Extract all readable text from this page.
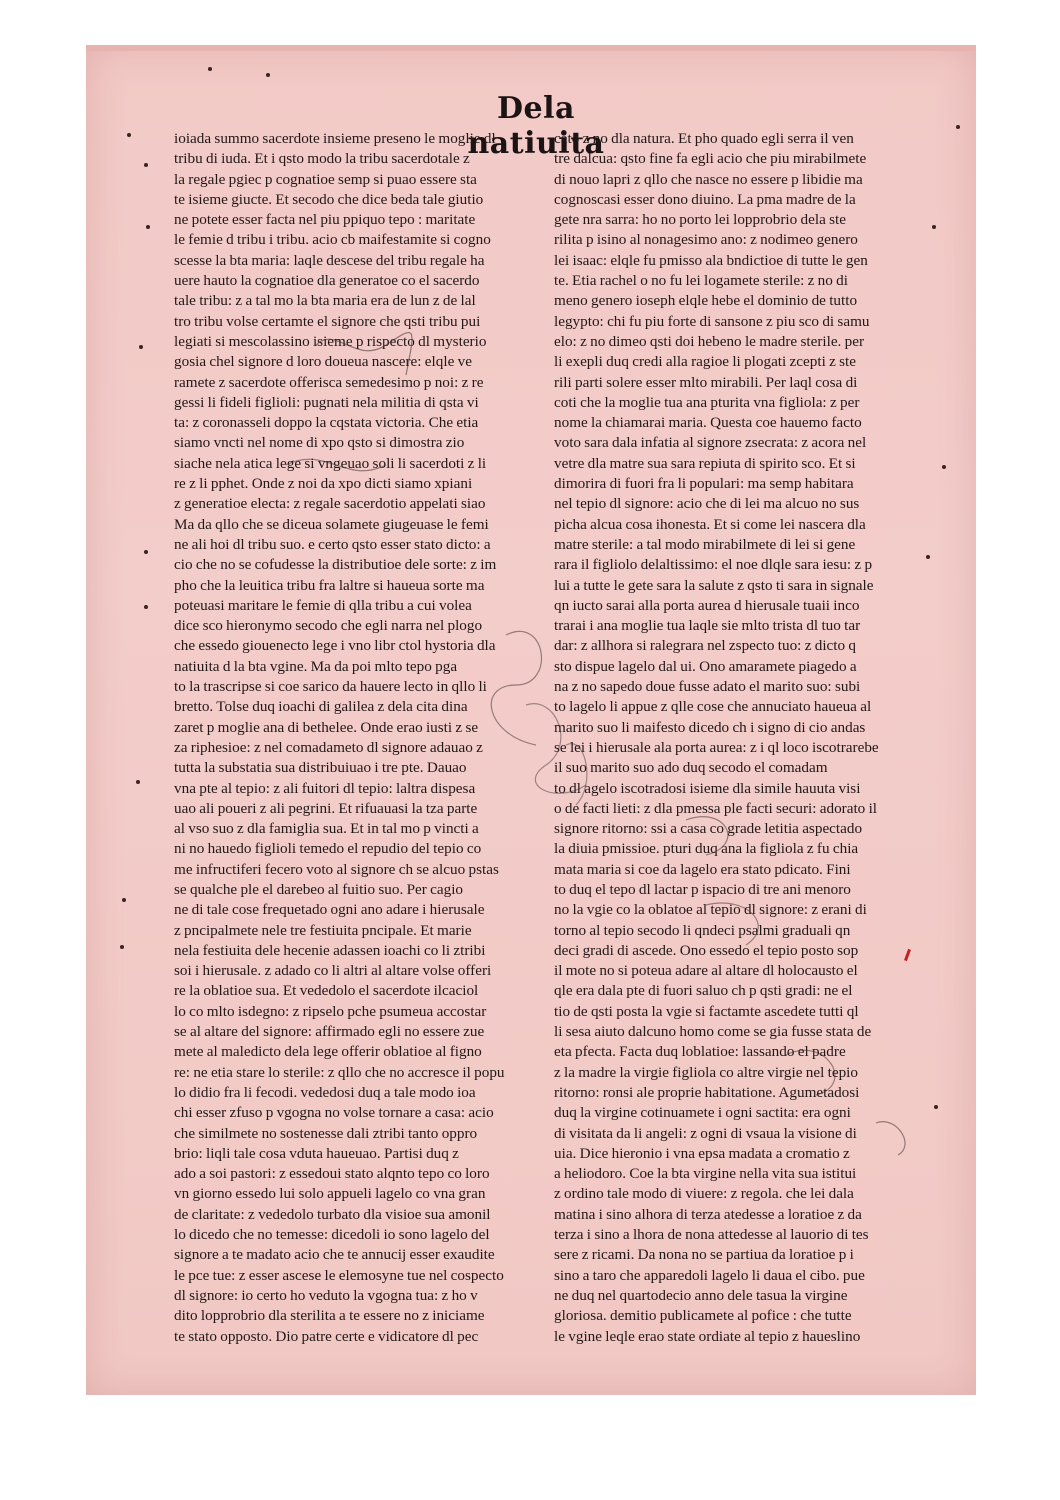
Dela natiuita
ioiada summo sacerdote insieme preseno le moglie dl
tribu di iuda. Et i qsto modo la tribu sacerdotale z
la regale pgiec p cognatioe semp si puao essere sta
te isieme giucte. Et secodo che dice beda tale giutio
ne potete esser facta nel piu ppiquo tepo : maritate
le femie d tribu i tribu. acio cb maifestamite si cogno
scesse la bta maria: laqle descese del tribu regale ha
uere hauto la cognatioe dla generatoe co el sacerdo
tale tribu: z a tal mo la bta maria era de lun z de lal
tro tribu volse certamte el signore che qsti tribu pui
legiati si mescolassino isieme p rispecto dl mysterio
gosia chel signore d loro doueua nascere: elqle ve
ramete z sacerdote offerisca semedesimo p noi: z re
gessi li fideli figlioli: pugnati nela militia di qsta vi
ta: z coronasseli doppo la cqstata victoria. Che etia
siamo vncti nel nome di xpo qsto si dimostra zio
siache nela atica lege si vngeuao soli li sacerdoti z li
re z li pphet. Onde z noi da xpo dicti siamo xpiani
z generatioe electa: z regale sacerdotio appelati siao
Ma da qllo che se diceua solamete giugeuase le femi
ne ali hoi dl tribu suo. e certo qsto esser stato dicto: a
cio che no se cofudesse la distributioe dele sorte: z im
pho che la leuitica tribu fra laltre si haueua sorte ma
poteuasi maritare le femie di qlla tribu a cui volea
dice sco hieronymo secodo che egli narra nel plogo
che essedo giouenecto lege i vno libr ctol hystoria dla
natiuita d la bta vgine. Ma da poi mlto tepo pga
to la trascripse si coe sarico da hauere lecto in qllo li
bretto. Tolse duq ioachi di galilea z dela cita dina
zaret p moglie ana di bethelee. Onde erao iusti z se
za riphesioe: z nel comadameto dl signore adauao z
tutta la substatia sua distribuiuao i tre pte. Dauao
vna pte al tepio: z ali fuitori dl tepio: laltra dispesa
uao ali poueri z ali pegrini. Et rifuauasi la tza parte
al vso suo z dla famiglia sua. Et in tal mo p vincti a
ni no hauedo figlioli temedo el repudio del tepio co
me infructiferi fecero voto al signore ch se alcuo pstas
se qualche ple el darebeo al fuitio suo. Per cagio
ne di tale cose frequetado ogni ano adare i hierusale
z pncipalmete nele tre festiuita pncipale. Et marie
nela festiuita dele hecenie adassen ioachi co li ztribi
soi i hierusale. z adado co li altri al altare volse offeri
re la oblatioe sua. Et vededolo el sacerdote ilcaciol
lo co mlto isdegno: z ripselo pche psumeua accostar
se al altare del signore: affirmado egli no essere zue
mete al maledicto dela lege offerir oblatioe al figno
re: ne etia stare lo sterile: z qllo che no accresce il popu
lo didio fra li fecodi. vededosi duq a tale modo ioa
chi esser zfuso p vgogna no volse tornare a casa: acio
che similmete no sostenesse dali ztribi tanto oppro
brio: liqli tale cosa vduta haueuao. Partisi duq z
ado a soi pastori: z essedoui stato alqnto tepo co loro
vn giorno essedo lui solo appueli lagelo co vna gran
de claritate: z vededolo turbato dla visioe sua amonil
lo dicedo che no temesse: dicedoli io sono lagelo del
signore a te madato acio che te annucij esser exaudite
le pce tue: z esser ascese le elemosyne tue nel cospecto
dl signore: io certo ho veduto la vgogna tua: z ho v
dito lopprobrio dla sterilita a te essere no z iniciame
te stato opposto. Dio patre certe e vidicatore dl pec
cato z no dla natura. Et pho quado egli serra il ven
tre dalcua: qsto fine fa egli acio che piu mirabilmete
di nouo lapri z qllo che nasce no essere p libidie ma
cognoscasi esser dono diuino. La pma madre de la
gete nra sarra: ho no porto lei lopprobrio dela ste
rilita p isino al nonagesimo ano: z nodimeo genero
lei isaac: elqle fu pmisso ala bndictioe di tutte le gen
te. Etia rachel o no fu lei logamete sterile: z no di
meno genero ioseph elqle hebe el dominio de tutto
legypto: chi fu piu forte di sansone z piu sco di samu
elo: z no dimeo qsti doi hebeno le madre sterile. per
li exepli duq credi alla ragioe li plogati zcepti z ste
rili parti solere esser mlto mirabili. Per laql cosa di
coti che la moglie tua ana pturita vna figliola: z per
nome la chiamarai maria. Questa coe hauemo facto
voto sara dala infatia al signore zsecrata: z acora nel
vetre dla matre sua sara repiuta di spirito sco. Et si
dimorira di fuori fra li populari: ma semp habitara
nel tepio dl signore: acio che di lei ma alcuo no sus
picha alcua cosa ihonesta. Et si come lei nascera dla
matre sterile: a tal modo mirabilmete di lei si gene
rara il figliolo delaltissimo: el noe dlqle sara iesu: z p
lui a tutte le gete sara la salute z qsto ti sara in signale
qn iucto sarai alla porta aurea d hierusale tuaii inco
trarai i ana moglie tua laqle sie mlto trista dl tuo tar
dar: z allhora si ralegrara nel zspecto tuo: z dicto q
sto dispue lagelo dal ui. Ono amaramete piagedo a
na z no sapedo doue fusse adato el marito suo: subi
to lagelo li appue z qlle cose che annuciato haueua al
marito suo li maifesto dicedo ch i signo di cio andas
se lei i hierusale ala porta aurea: z i ql loco iscotrarebe
il suo marito suo ado duq secodo el comadam
to dl agelo iscotradosi isieme dla simile hauuta visi
o de facti lieti: z dla pmessa ple facti securi: adorato il
signore ritorno: ssi a casa co grade letitia aspectado
la diuia pmissioe. pturi duq ana la figliola z fu chia
mata maria si coe da lagelo era stato pdicato. Fini
to duq el tepo dl lactar p ispacio di tre ani menoro
no la vgie co la oblatoe al tepio dl signore: z erani di
torno al tepio secodo li qndeci psalmi graduali qn
deci gradi di ascede. Ono essedo el tepio posto sop
il mote no si poteua adare al altare dl holocausto el
qle era dala pte di fuori saluo ch p qsti gradi: ne el
tio de qsti posta la vgie si factamte ascedete tutti ql
li sesa aiuto dalcuno homo come se gia fusse stata de
eta pfecta. Facta duq loblatioe: lassando el padre
z la madre la virgie figliola co altre virgie nel tepio
ritorno: ronsi ale proprie habitatione. Agumetadosi
duq la virgine cotinuamete i ogni sactita: era ogni
di visitata da li angeli: z ogni di vsaua la visione di
uia. Dice hieronio i vna epsa madata a cromatio z
a heliodoro. Coe la bta virgine nella vita sua istitui
z ordino tale modo di viuere: z regola. che lei dala
matina i sino alhora di terza atedesse a loratioe z da
terza i sino a lhora de nona attedesse al lauorio di tes
sere z ricami. Da nona no se partiua da loratioe p i
sino a taro che apparedoli lagelo li daua el cibo. pue
ne duq nel quartodecio anno dele tasua la virgine
gloriosa. demitio publicamete al pofice : che tutte
le vgine leqle erao state ordiate al tepio z haueslino
